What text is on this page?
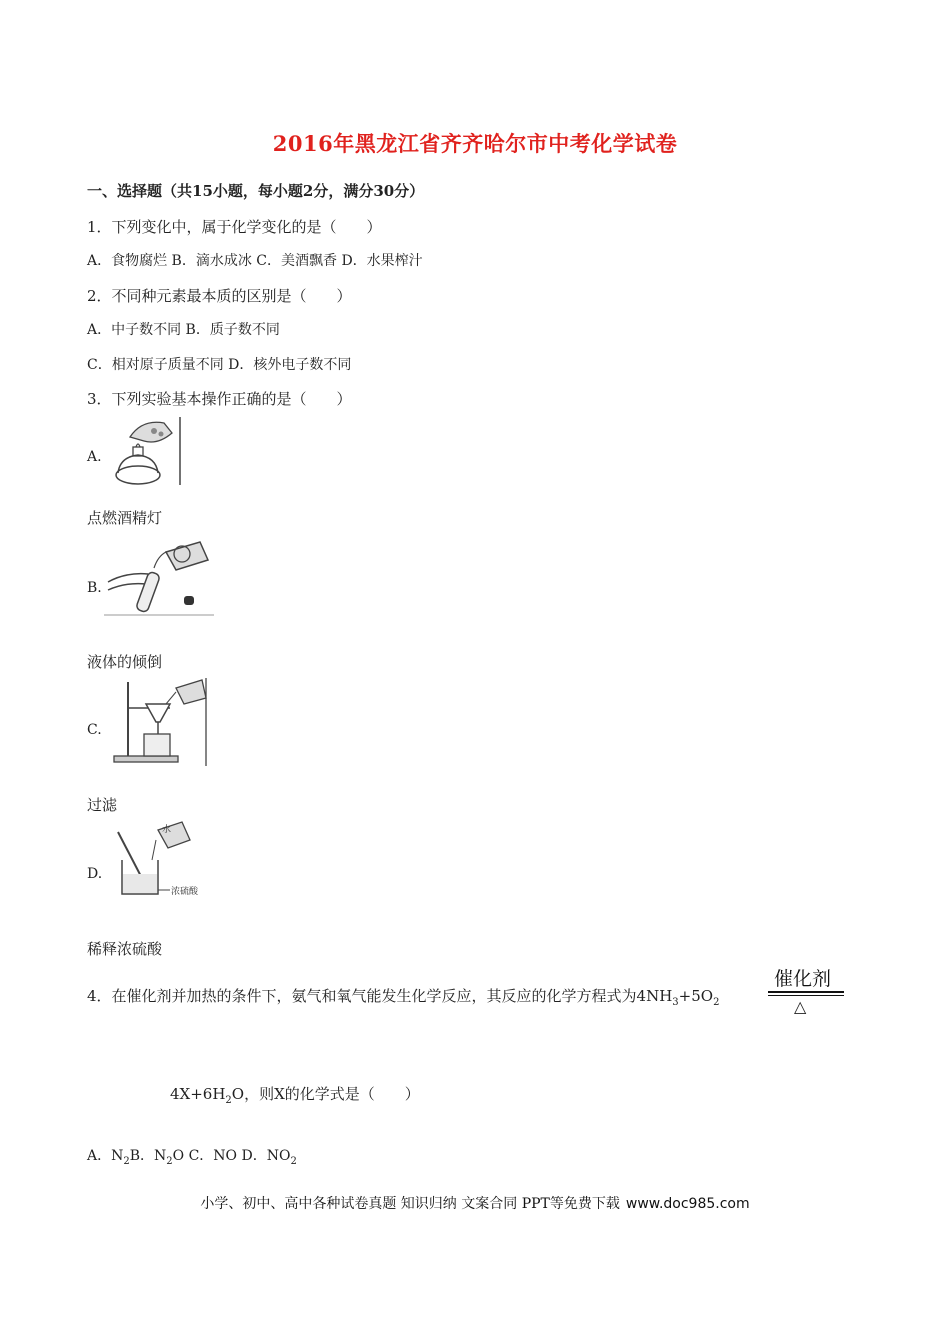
2016年黑龙江省齐齐哈尔市中考化学试卷
一、选择题（共15小题，每小题2分，满分30分）
1．下列变化中，属于化学变化的是（　　）
A．食物腐烂 B．滴水成冰 C．美酒飘香 D．水果榨汁
2．不同种元素最本质的区别是（　　）
A．中子数不同 B．质子数不同
C．相对原子质量不同 D．核外电子数不同
3．下列实验基本操作正确的是（　　）
A.
点燃酒精灯
B.
液体的倾倒
C.
过滤
D.
水
浓硫酸
稀释浓硫酸
4．在催化剂并加热的条件下，氨气和氧气能发生化学反应，其反应的化学方程式为$4NH_3+5O_2$
催化剂
△
$4X+6H_2O$，则X的化学式是（　　）
A．$N_2B$．$N_2O$ C．NO D．$NO_2$
小学、初中、高中各种试卷真题 知识归纳 文案合同 PPT等免费下载 www.doc985.com
